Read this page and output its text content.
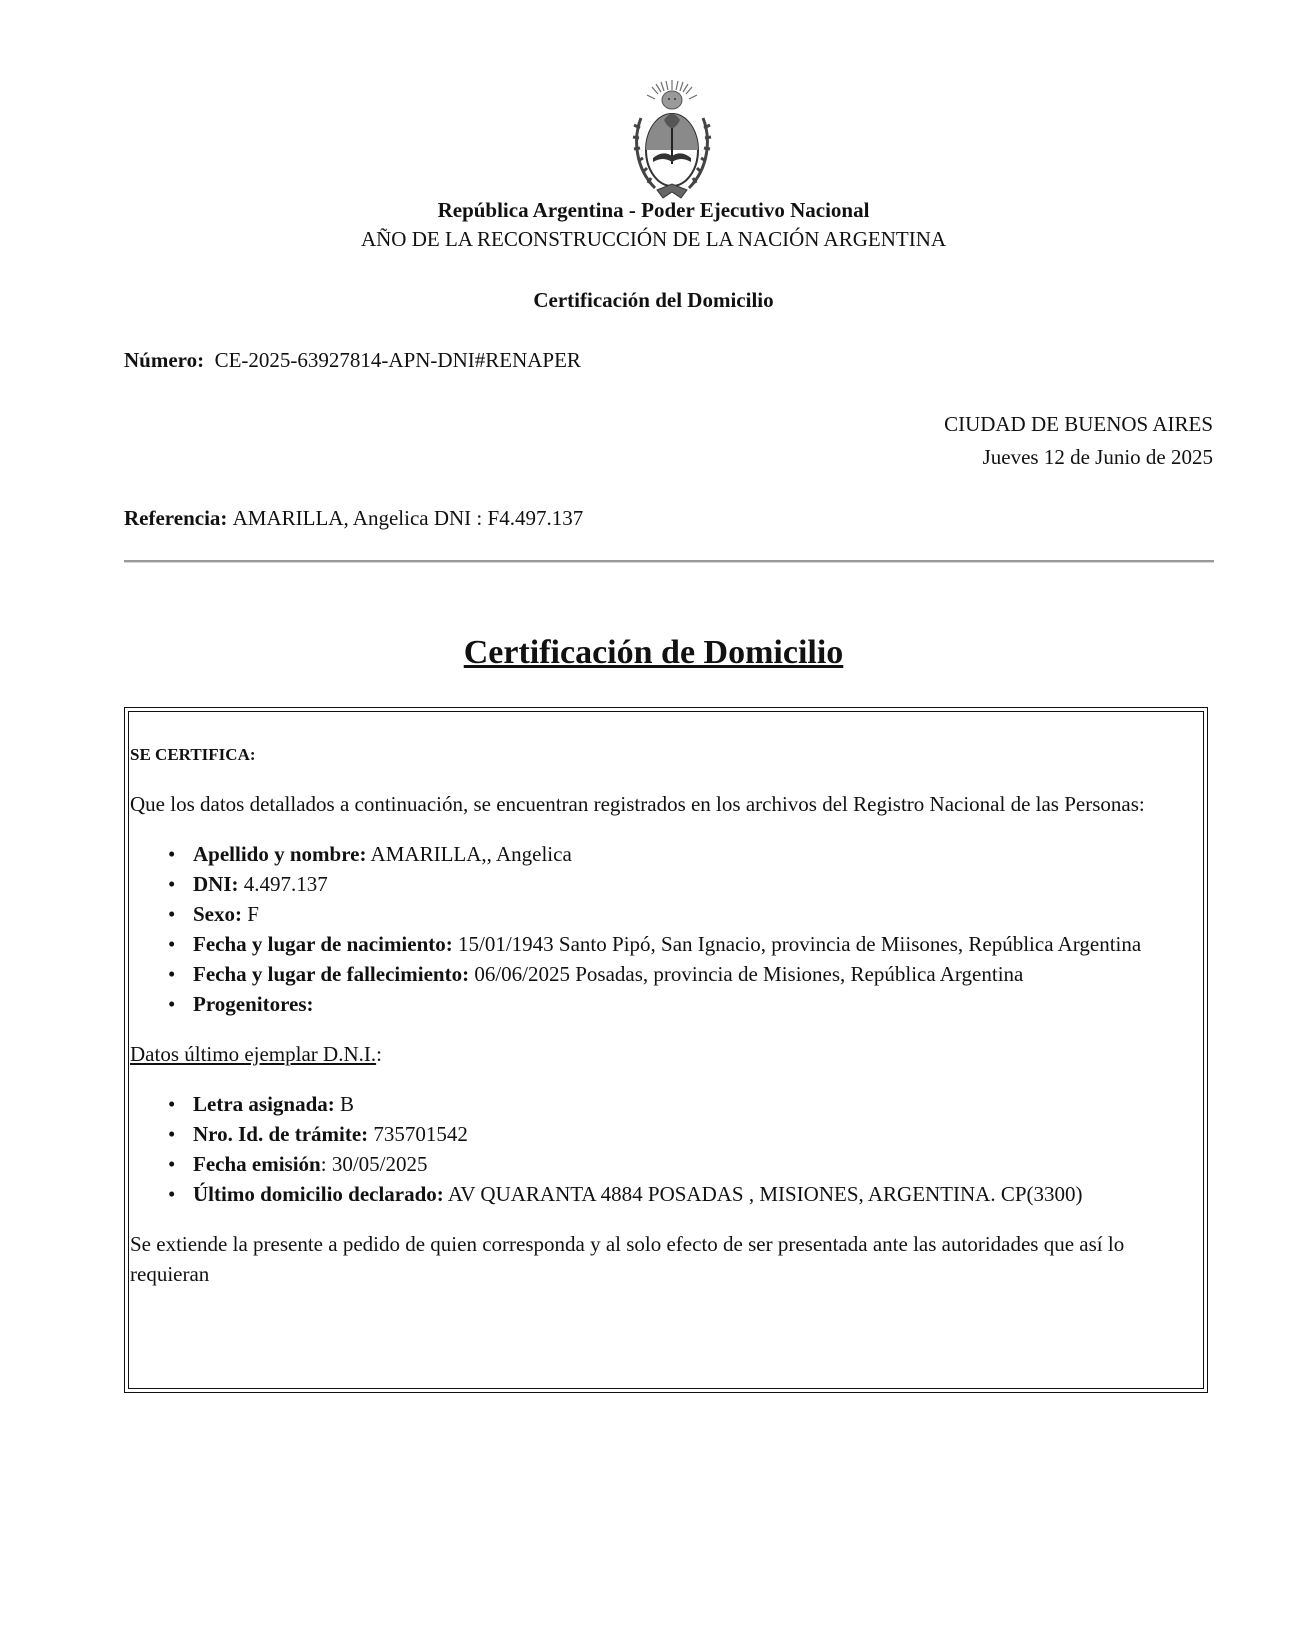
República Argentina - Poder Ejecutivo Nacional
AÑO DE LA RECONSTRUCCIÓN DE LA NACIÓN ARGENTINA
Certificación del Domicilio
Número: CE-2025-63927814-APN-DNI#RENAPER
CIUDAD DE BUENOS AIRES
Jueves 12 de Junio de 2025
Referencia: AMARILLA, Angelica DNI : F4.497.137
Certificación de Domicilio
SE CERTIFICA:

Que los datos detallados a continuación, se encuentran registrados en los archivos del Registro Nacional de las Personas:

• Apellido y nombre: AMARILLA,, Angelica
• DNI: 4.497.137
• Sexo: F
• Fecha y lugar de nacimiento: 15/01/1943 Santo Pipó, San Ignacio, provincia de Miisones, República Argentina
• Fecha y lugar de fallecimiento: 06/06/2025 Posadas, provincia de Misiones, República Argentina
• Progenitores:

Datos último ejemplar D.N.I.:

• Letra asignada: B
• Nro. Id. de trámite: 735701542
• Fecha emisión: 30/05/2025
• Último domicilio declarado: AV QUARANTA 4884 POSADAS , MISIONES, ARGENTINA. CP(3300)

Se extiende la presente a pedido de quien corresponda y al solo efecto de ser presentada ante las autoridades que así lo requieran
